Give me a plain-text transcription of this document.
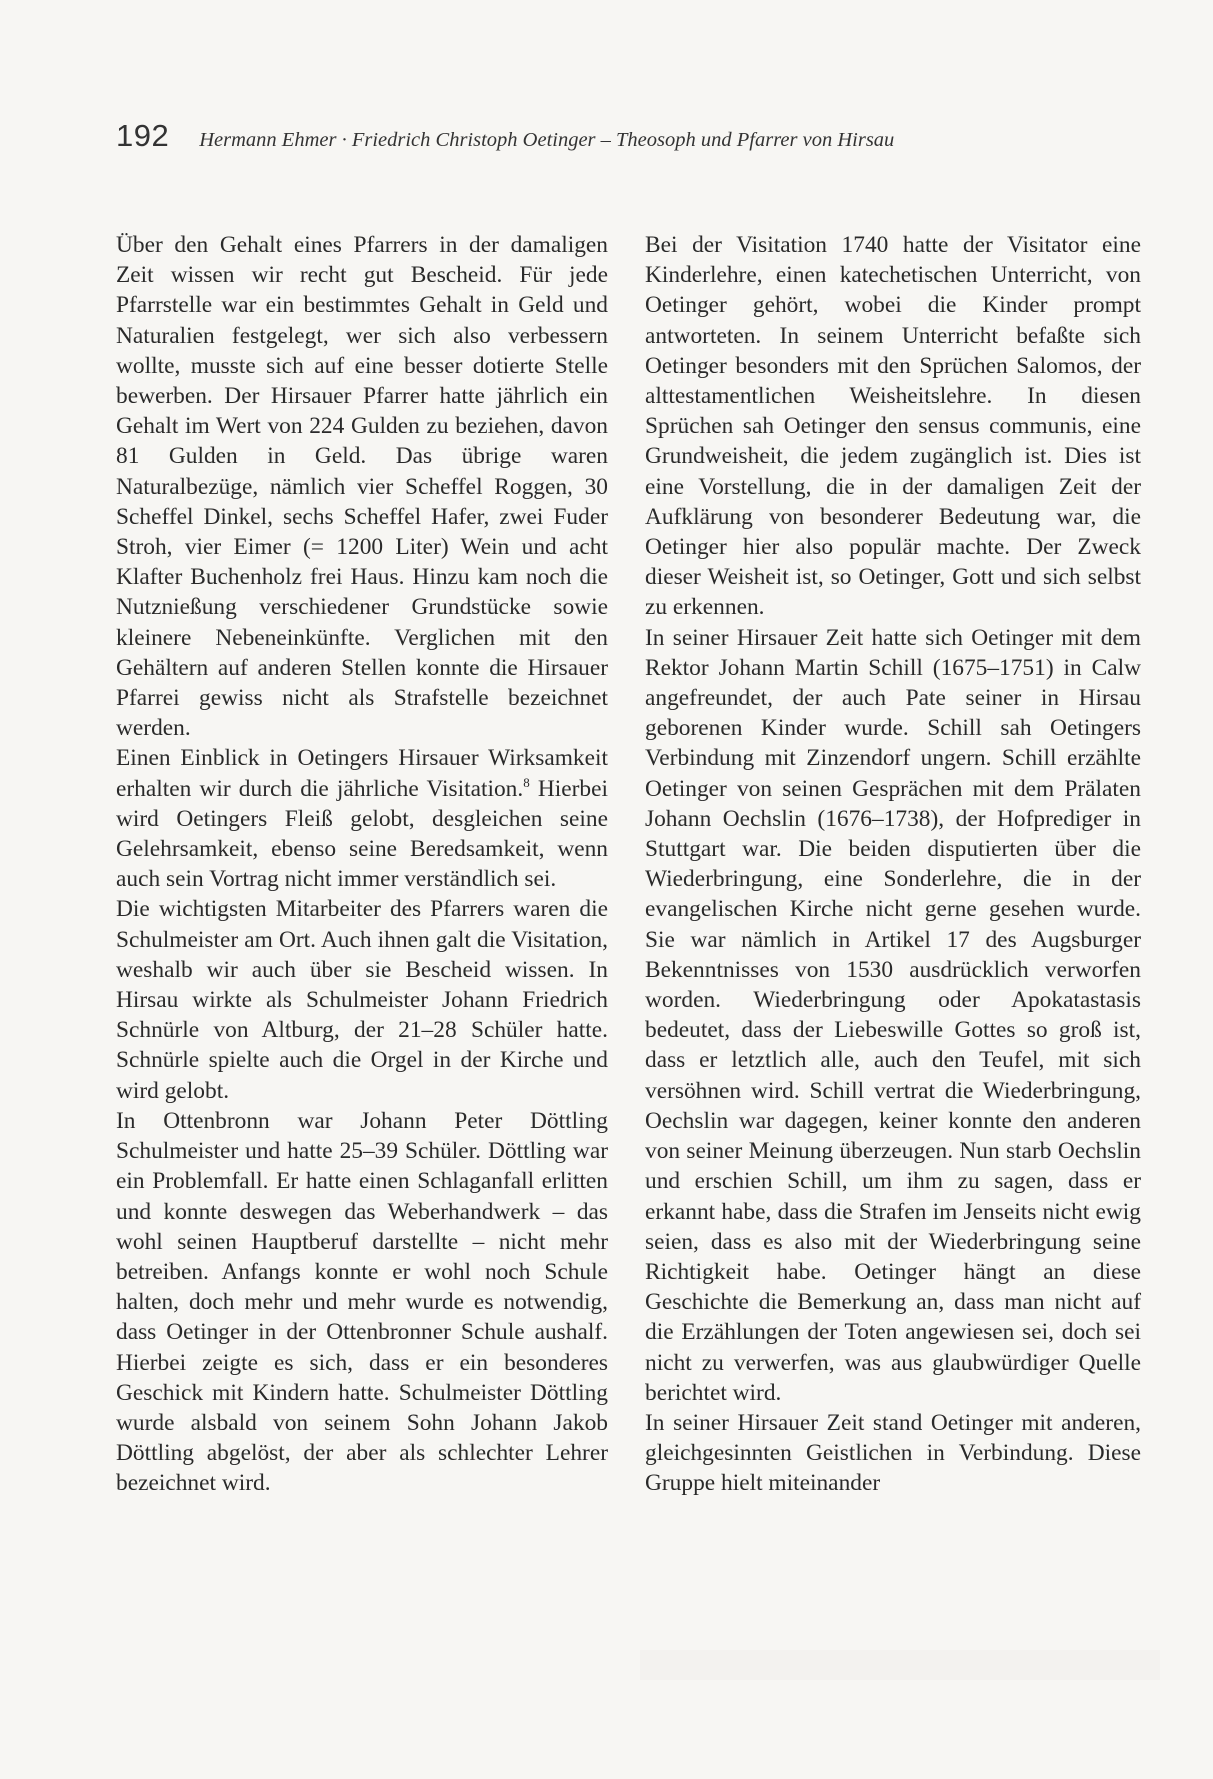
192 Hermann Ehmer · Friedrich Christoph Oetinger – Theosoph und Pfarrer von Hirsau

Über den Gehalt eines Pfarrers in der damaligen Zeit wissen wir recht gut Bescheid. Für jede Pfarrstelle war ein bestimmtes Gehalt in Geld und Naturalien festgelegt, wer sich also verbessern wollte, musste sich auf eine besser dotierte Stelle bewerben. Der Hirsauer Pfarrer hatte jährlich ein Gehalt im Wert von 224 Gulden zu beziehen, davon 81 Gulden in Geld. Das übrige waren Naturalbezüge, nämlich vier Scheffel Roggen, 30 Scheffel Dinkel, sechs Scheffel Hafer, zwei Fuder Stroh, vier Eimer (= 1200 Liter) Wein und acht Klafter Buchenholz frei Haus. Hinzu kam noch die Nutznießung verschiedener Grundstücke sowie kleinere Nebeneinkünfte. Verglichen mit den Gehältern auf anderen Stellen konnte die Hirsauer Pfarrei gewiss nicht als Strafstelle bezeichnet werden.

Einen Einblick in Oetingers Hirsauer Wirksamkeit erhalten wir durch die jährliche Visitation.$^8$ Hierbei wird Oetingers Fleiß gelobt, desgleichen seine Gelehrsamkeit, ebenso seine Beredsamkeit, wenn auch sein Vortrag nicht immer verständlich sei.

Die wichtigsten Mitarbeiter des Pfarrers waren die Schulmeister am Ort. Auch ihnen galt die Visitation, weshalb wir auch über sie Bescheid wissen. In Hirsau wirkte als Schulmeister Johann Friedrich Schnürle von Altburg, der 21–28 Schüler hatte. Schnürle spielte auch die Orgel in der Kirche und wird gelobt.

In Ottenbronn war Johann Peter Döttling Schulmeister und hatte 25–39 Schüler. Döttling war ein Problemfall. Er hatte einen Schlaganfall erlitten und konnte deswegen das Weberhandwerk – das wohl seinen Hauptberuf darstellte – nicht mehr betreiben. Anfangs konnte er wohl noch Schule halten, doch mehr und mehr wurde es notwendig, dass Oetinger in der Ottenbronner Schule aushalf. Hierbei zeigte es sich, dass er ein besonderes Geschick mit Kindern hatte. Schulmeister Döttling wurde alsbald von seinem Sohn Johann Jakob Döttling abgelöst, der aber als schlechter Lehrer bezeichnet wird.

Bei der Visitation 1740 hatte der Visitator eine Kinderlehre, einen katechetischen Unterricht, von Oetinger gehört, wobei die Kinder prompt antworteten. In seinem Unterricht befaßte sich Oetinger besonders mit den Sprüchen Salomos, der alttestamentlichen Weisheitslehre. In diesen Sprüchen sah Oetinger den sensus communis, eine Grundweisheit, die jedem zugänglich ist. Dies ist eine Vorstellung, die in der damaligen Zeit der Aufklärung von besonderer Bedeutung war, die Oetinger hier also populär machte. Der Zweck dieser Weisheit ist, so Oetinger, Gott und sich selbst zu erkennen.

In seiner Hirsauer Zeit hatte sich Oetinger mit dem Rektor Johann Martin Schill (1675–1751) in Calw angefreundet, der auch Pate seiner in Hirsau geborenen Kinder wurde. Schill sah Oetingers Verbindung mit Zinzendorf ungern. Schill erzählte Oetinger von seinen Gesprächen mit dem Prälaten Johann Oechslin (1676–1738), der Hofprediger in Stuttgart war. Die beiden disputierten über die Wiederbringung, eine Sonderlehre, die in der evangelischen Kirche nicht gerne gesehen wurde. Sie war nämlich in Artikel 17 des Augsburger Bekenntnisses von 1530 ausdrücklich verworfen worden. Wiederbringung oder Apokatastasis bedeutet, dass der Liebeswille Gottes so groß ist, dass er letztlich alle, auch den Teufel, mit sich versöhnen wird. Schill vertrat die Wiederbringung, Oechslin war dagegen, keiner konnte den anderen von seiner Meinung überzeugen. Nun starb Oechslin und erschien Schill, um ihm zu sagen, dass er erkannt habe, dass die Strafen im Jenseits nicht ewig seien, dass es also mit der Wiederbringung seine Richtigkeit habe. Oetinger hängt an diese Geschichte die Bemerkung an, dass man nicht auf die Erzählungen der Toten angewiesen sei, doch sei nicht zu verwerfen, was aus glaubwürdiger Quelle berichtet wird.

In seiner Hirsauer Zeit stand Oetinger mit anderen, gleichgesinnten Geistlichen in Verbindung. Diese Gruppe hielt miteinander
